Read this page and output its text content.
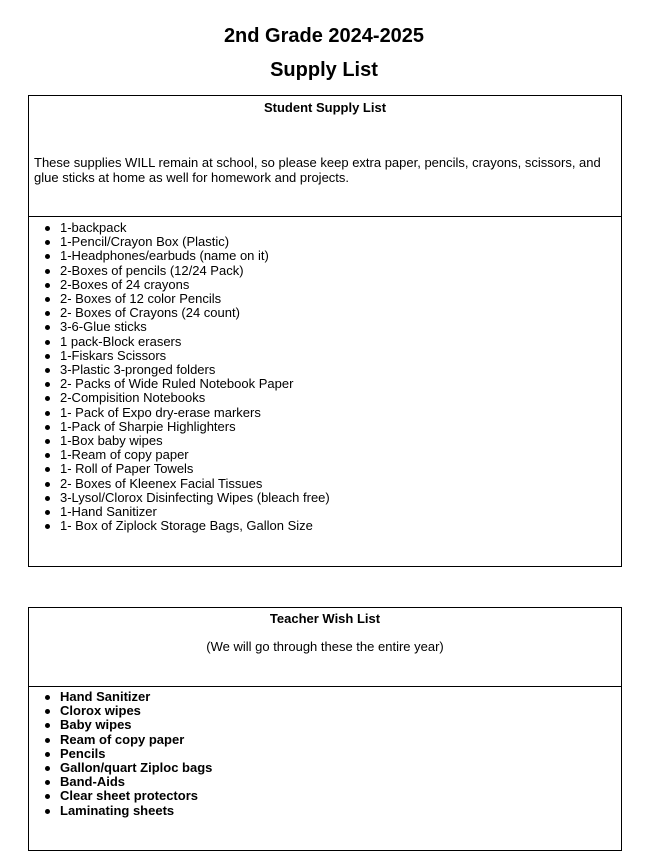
2nd Grade 2024-2025
Supply List

Student Supply List

These supplies WILL remain at school, so please keep extra paper, pencils, crayons, scissors, and glue sticks at home as well for homework and projects.

1-backpack
1-Pencil/Crayon Box (Plastic)
1-Headphones/earbuds (name on it)
2-Boxes of pencils (12/24 Pack)
2-Boxes of 24 crayons
2- Boxes of 12 color Pencils
2- Boxes of Crayons (24 count)
3-6-Glue sticks
1 pack-Block erasers
1-Fiskars Scissors
3-Plastic 3-pronged folders
2- Packs of Wide Ruled Notebook Paper
2-Compisition Notebooks
1- Pack of Expo dry-erase markers
1-Pack of Sharpie Highlighters
1-Box baby wipes
1-Ream of copy paper
1- Roll of Paper Towels
2- Boxes of Kleenex Facial Tissues
3-Lysol/Clorox Disinfecting Wipes (bleach free)
1-Hand Sanitizer
1- Box of Ziplock Storage Bags, Gallon Size

Teacher Wish List

(We will go through these the entire year)

Hand Sanitizer
Clorox wipes
Baby wipes
Ream of copy paper
Pencils
Gallon/quart Ziploc bags
Band-Aids
Clear sheet protectors
Laminating sheets
